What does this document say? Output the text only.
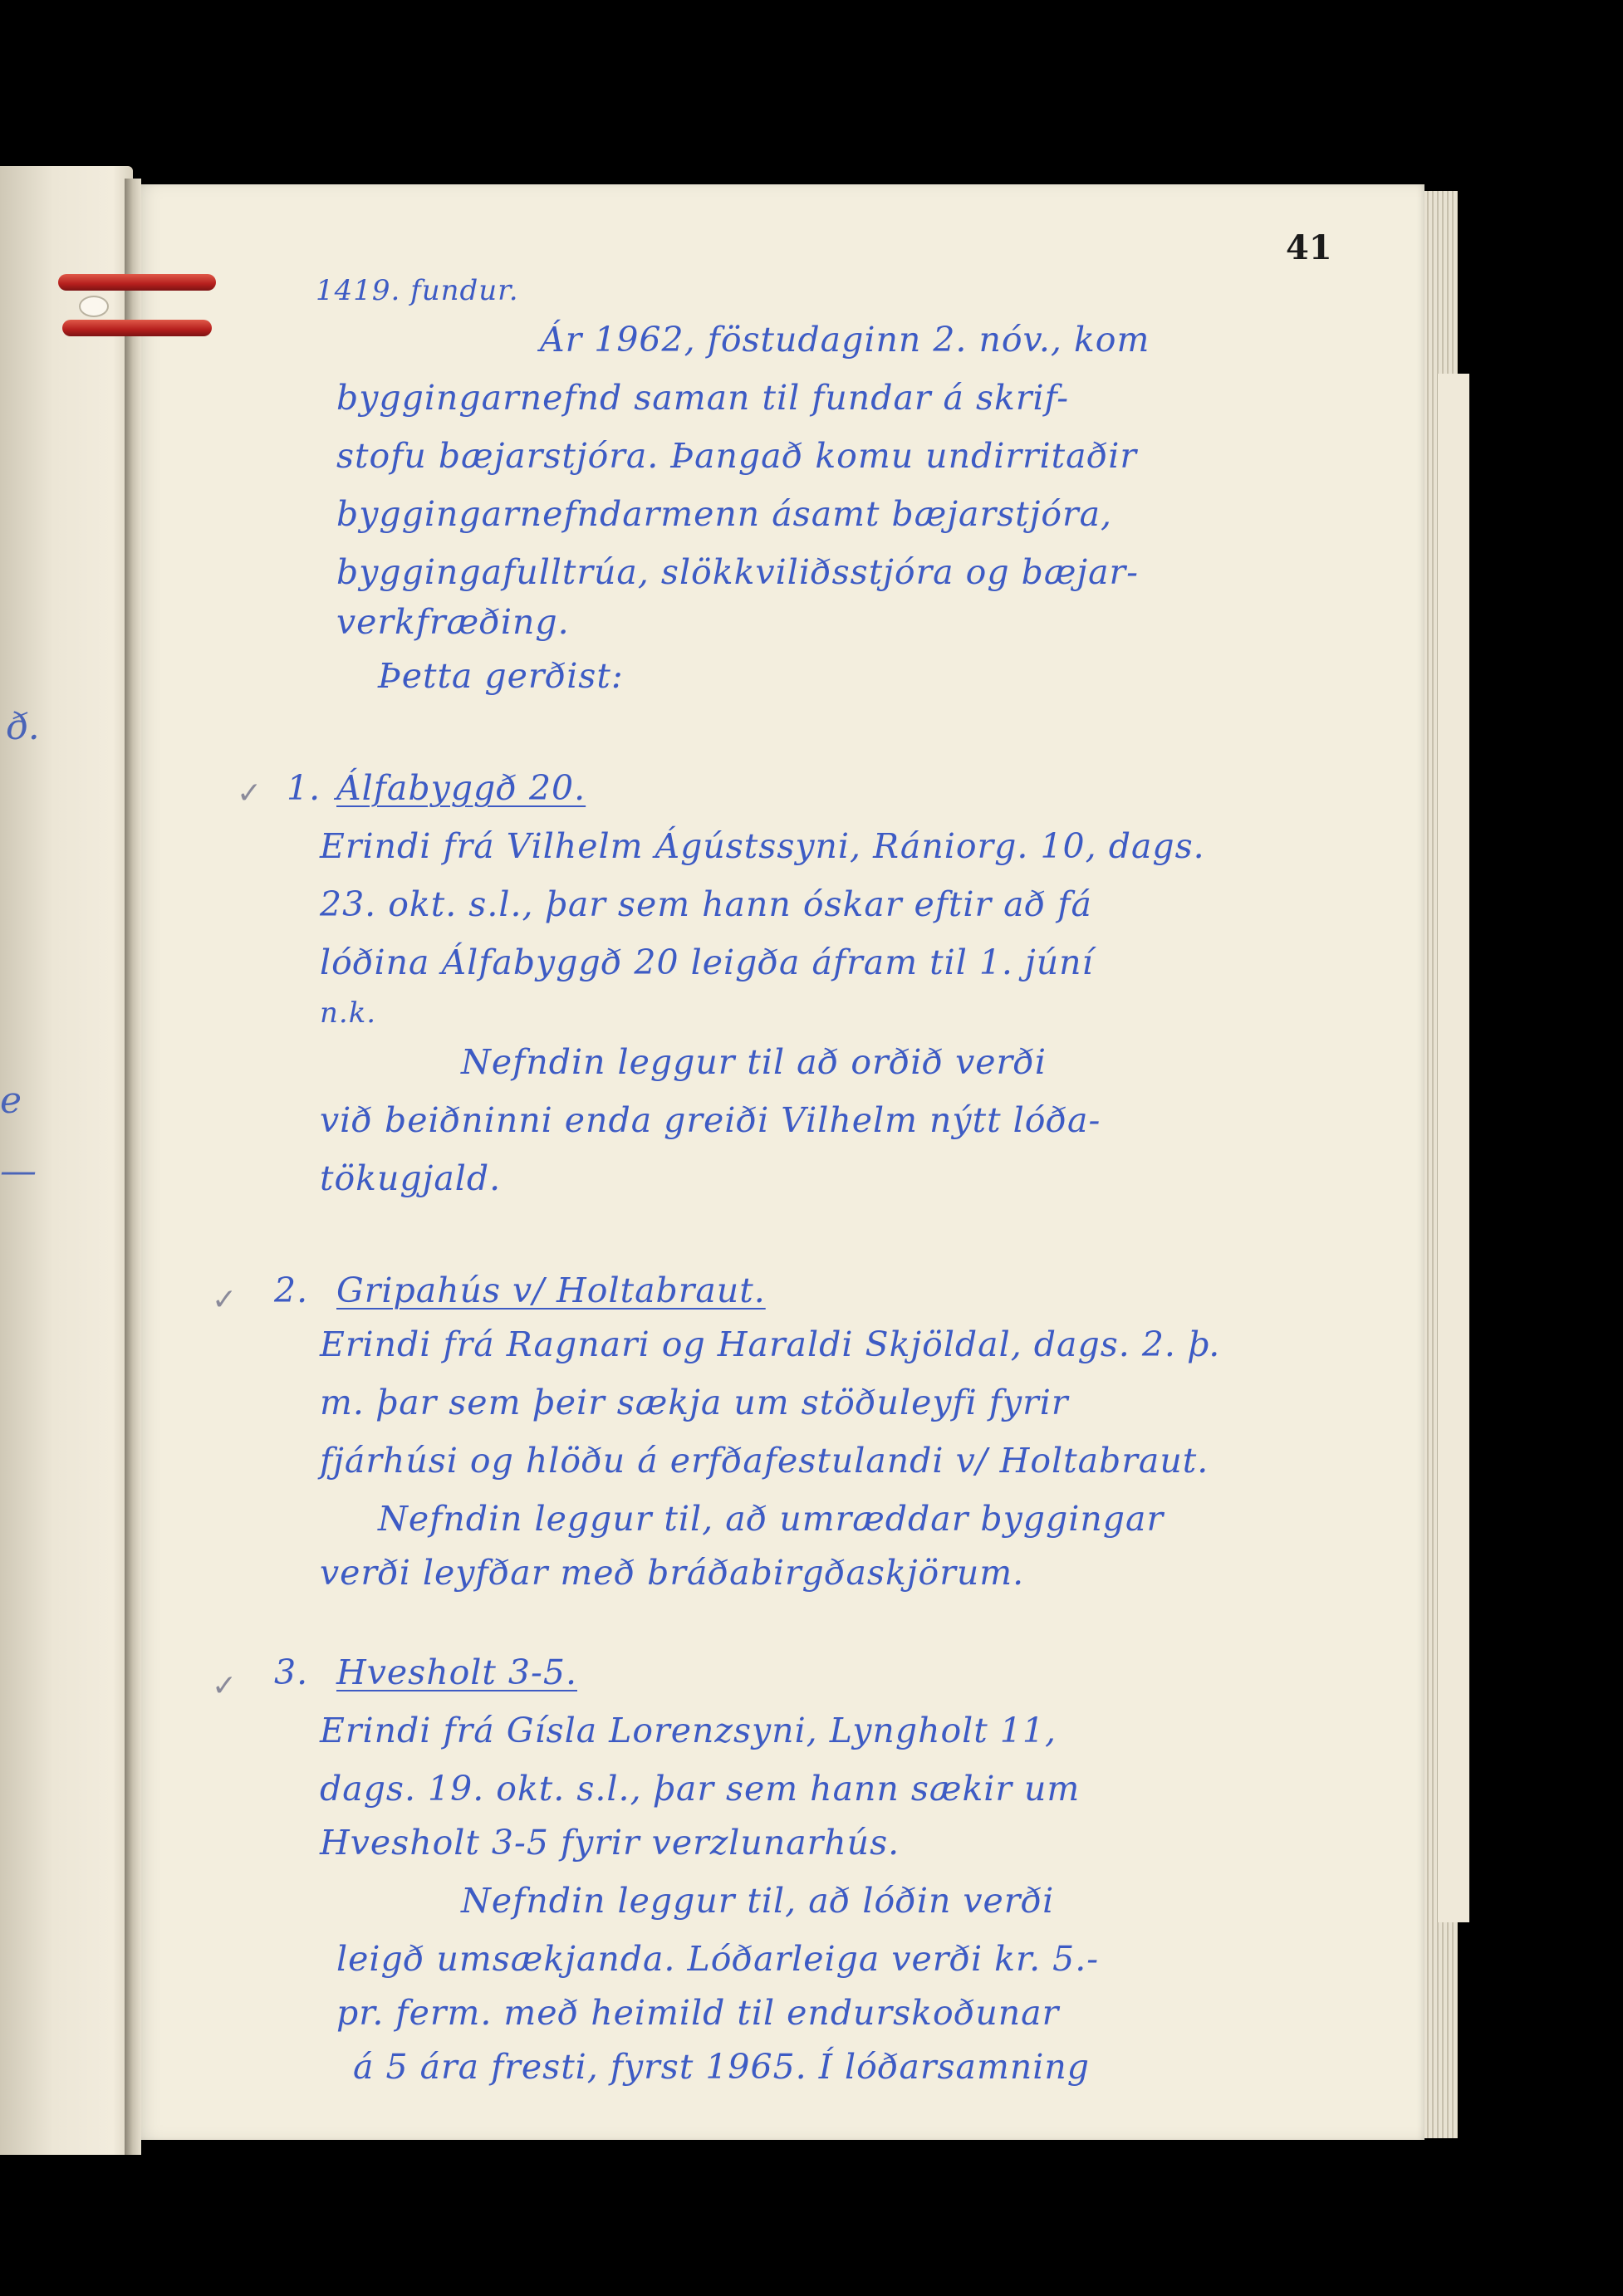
ð.
e
—
41
1419. fundur.
Ár 1962, föstudaginn 2. nóv., kom
byggingarnefnd saman til fundar á skrif-
stofu bæjarstjóra. Þangað komu undirritaðir
byggingarnefndarmenn ásamt bæjarstjóra,
byggingafulltrúa, slökkviliðsstjóra og bæjar-
verkfræðing.
Þetta gerðist:
✓ 1. Álfabyggð 20.
Erindi frá Vilhelm Ágústssyni, Rániorg. 10, dags.
23. okt. s.l., þar sem hann óskar eftir að fá
lóðina Álfabyggð 20 leigða áfram til 1. júní
n.k.
Nefndin leggur til að orðið verði
við beiðninni enda greiði Vilhelm nýtt lóða-
tökugjald.
✓ 2. Gripahús v/ Holtabraut.
Erindi frá Ragnari og Haraldi Skjöldal, dags. 2. þ.
m. þar sem þeir sækja um stöðuleyfi fyrir
fjárhúsi og hlöðu á erfðafestulandi v/ Holtabraut.
Nefndin leggur til, að umræddar byggingar
verði leyfðar með bráðabirgðaskjörum.
✓ 3. Hvesholt 3-5.
Erindi frá Gísla Lorenzsyni, Lyngholt 11,
dags. 19. okt. s.l., þar sem hann sækir um
Hvesholt 3-5 fyrir verzlunarhús.
Nefndin leggur til, að lóðin verði
leigð umsækjanda. Lóðarleiga verði kr. 5.-
pr. ferm. með heimild til endurskoðunar
á 5 ára fresti, fyrst 1965. Í lóðarsamning
